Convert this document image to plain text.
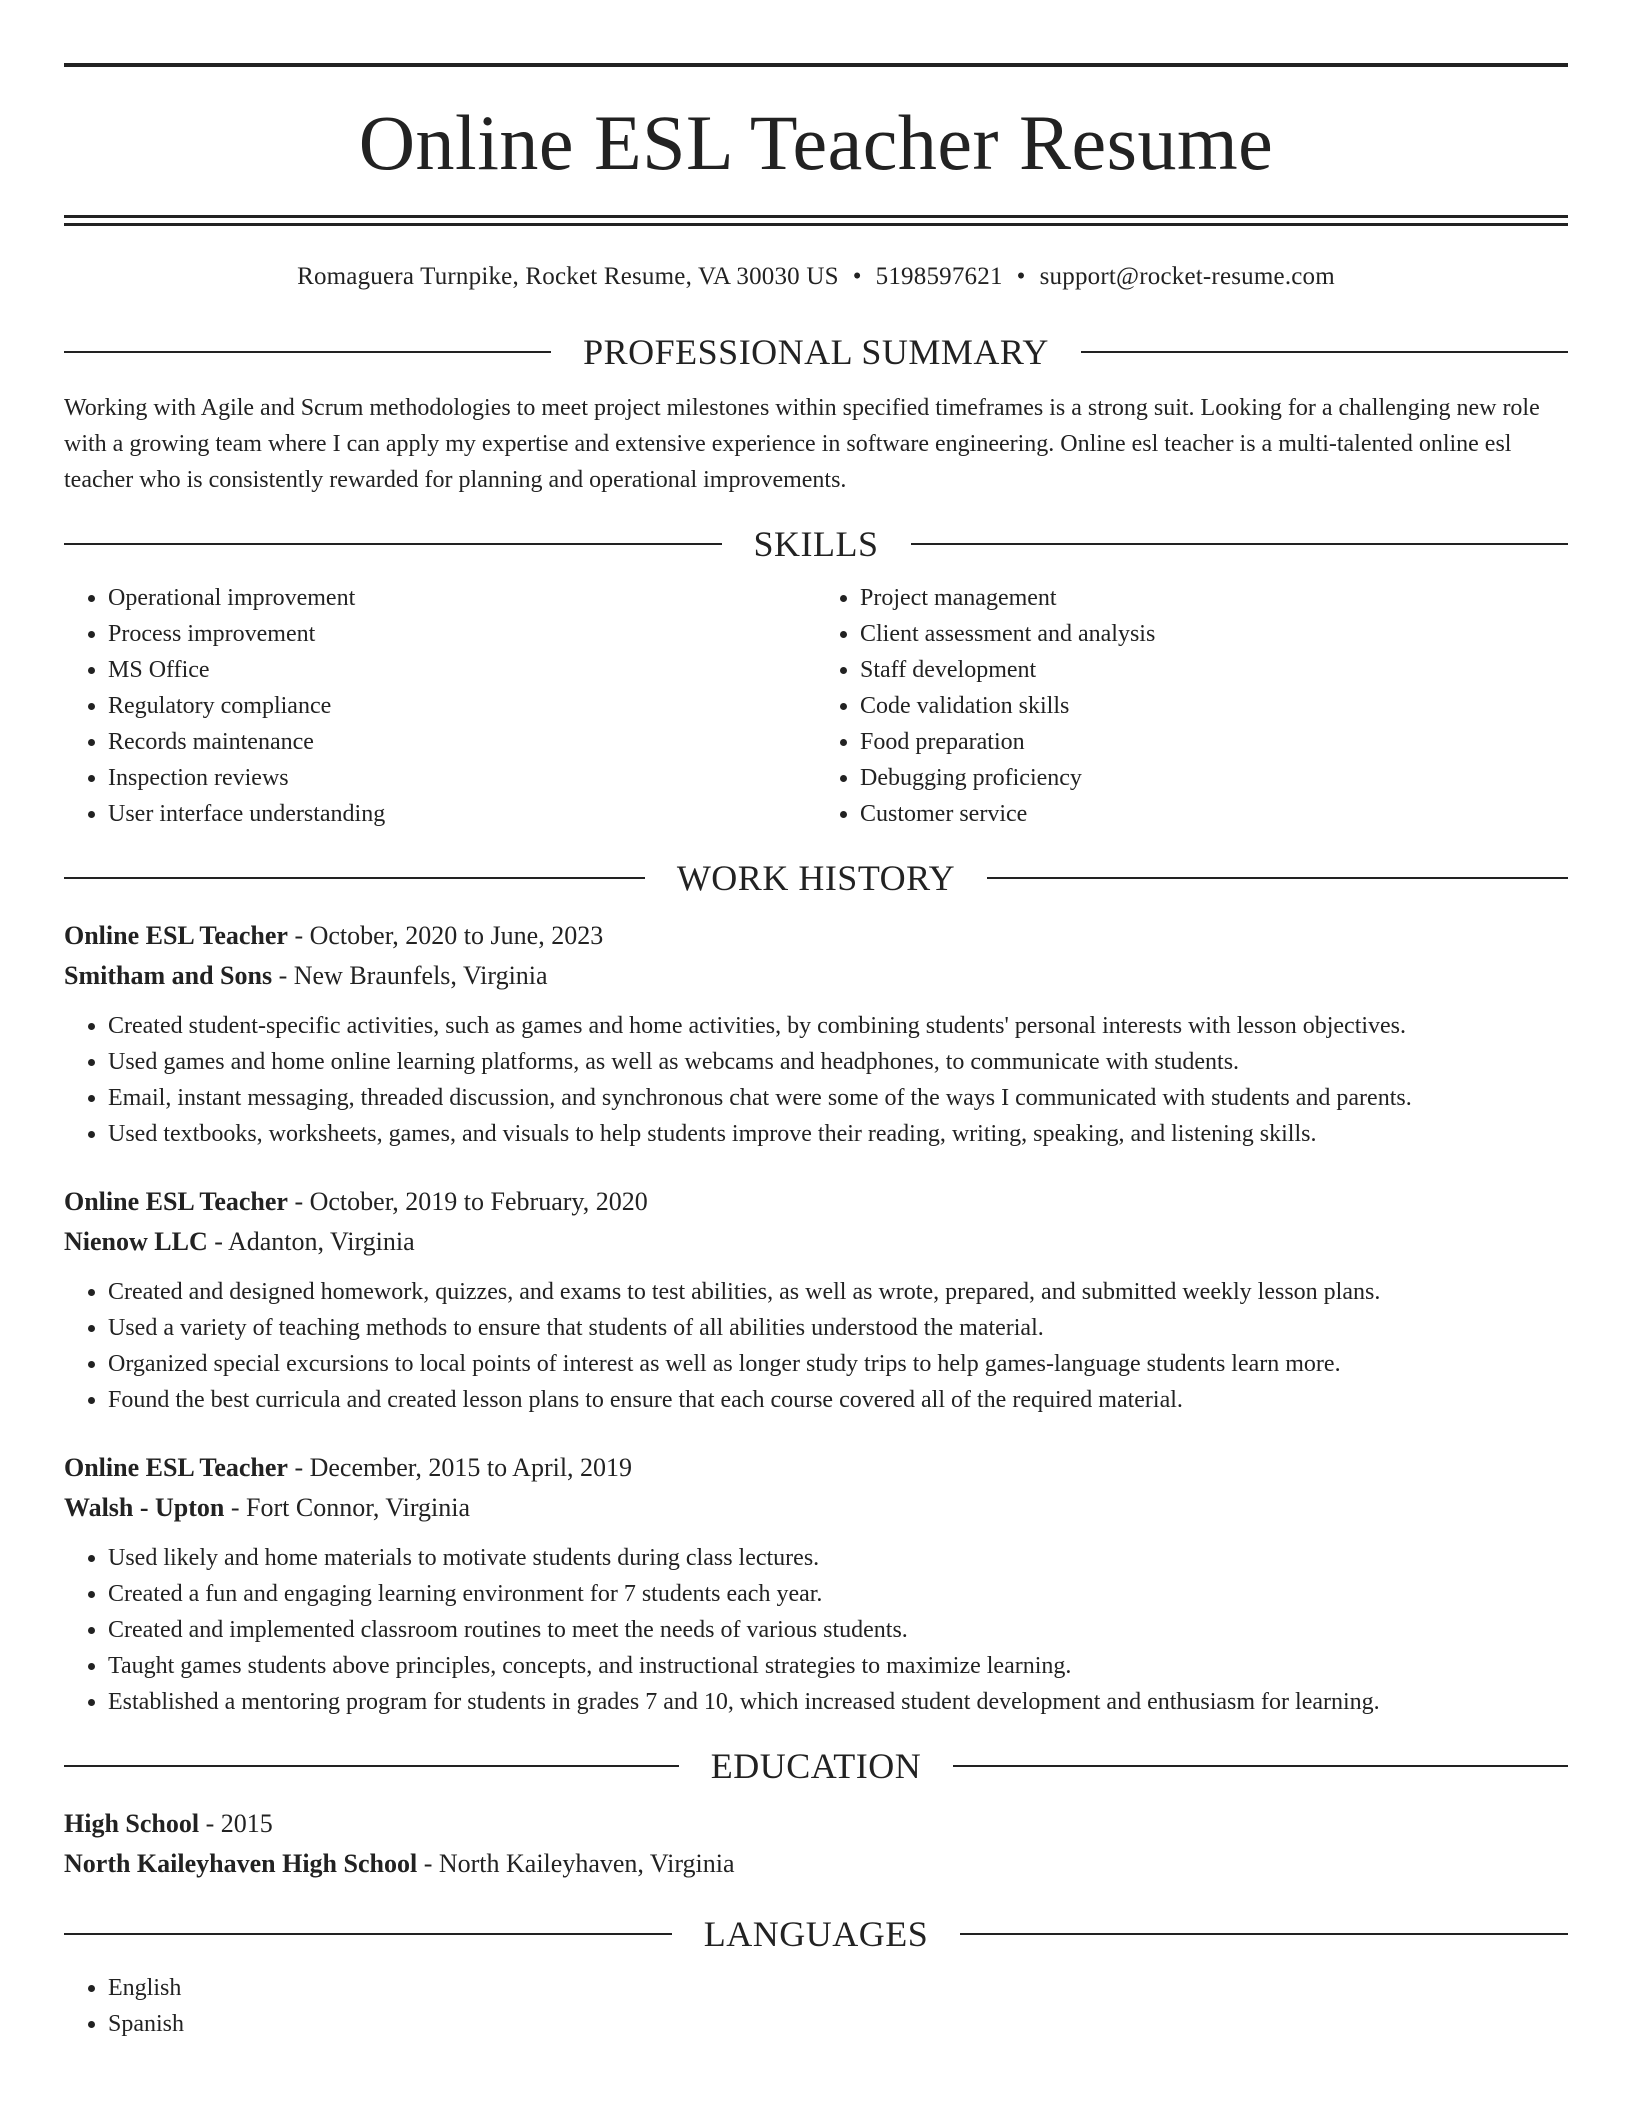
Online ESL Teacher Resume
Romaguera Turnpike, Rocket Resume, VA 30030 US • 5198597621 • support@rocket-resume.com
PROFESSIONAL SUMMARY

Working with Agile and Scrum methodologies to meet project milestones within specified timeframes is a strong suit. Looking for a challenging new role with a growing team where I can apply my expertise and extensive experience in software engineering. Online esl teacher is a multi-talented online esl teacher who is consistently rewarded for planning and operational improvements.

SKILLS
• Operational improvement
• Process improvement
• MS Office
• Regulatory compliance
• Records maintenance
• Inspection reviews
• User interface understanding
• Project management
• Client assessment and analysis
• Staff development
• Code validation skills
• Food preparation
• Debugging proficiency
• Customer service
WORK HISTORY
Online ESL Teacher - October, 2020 to June, 2023
Smitham and Sons - New Braunfels, Virginia
• Created student-specific activities, such as games and home activities, by combining students' personal interests with lesson objectives.
• Used games and home online learning platforms, as well as webcams and headphones, to communicate with students.
• Email, instant messaging, threaded discussion, and synchronous chat were some of the ways I communicated with students and parents.
• Used textbooks, worksheets, games, and visuals to help students improve their reading, writing, speaking, and listening skills.
Online ESL Teacher - October, 2019 to February, 2020
Nienow LLC - Adanton, Virginia
• Created and designed homework, quizzes, and exams to test abilities, as well as wrote, prepared, and submitted weekly lesson plans.
• Used a variety of teaching methods to ensure that students of all abilities understood the material.
• Organized special excursions to local points of interest as well as longer study trips to help games-language students learn more.
• Found the best curricula and created lesson plans to ensure that each course covered all of the required material.
Online ESL Teacher - December, 2015 to April, 2019
Walsh - Upton - Fort Connor, Virginia
• Used likely and home materials to motivate students during class lectures.
• Created a fun and engaging learning environment for 7 students each year.
• Created and implemented classroom routines to meet the needs of various students.
• Taught games students above principles, concepts, and instructional strategies to maximize learning.
• Established a mentoring program for students in grades 7 and 10, which increased student development and enthusiasm for learning.
EDUCATION
High School - 2015
North Kaileyhaven High School - North Kaileyhaven, Virginia
LANGUAGES
• English
• Spanish
